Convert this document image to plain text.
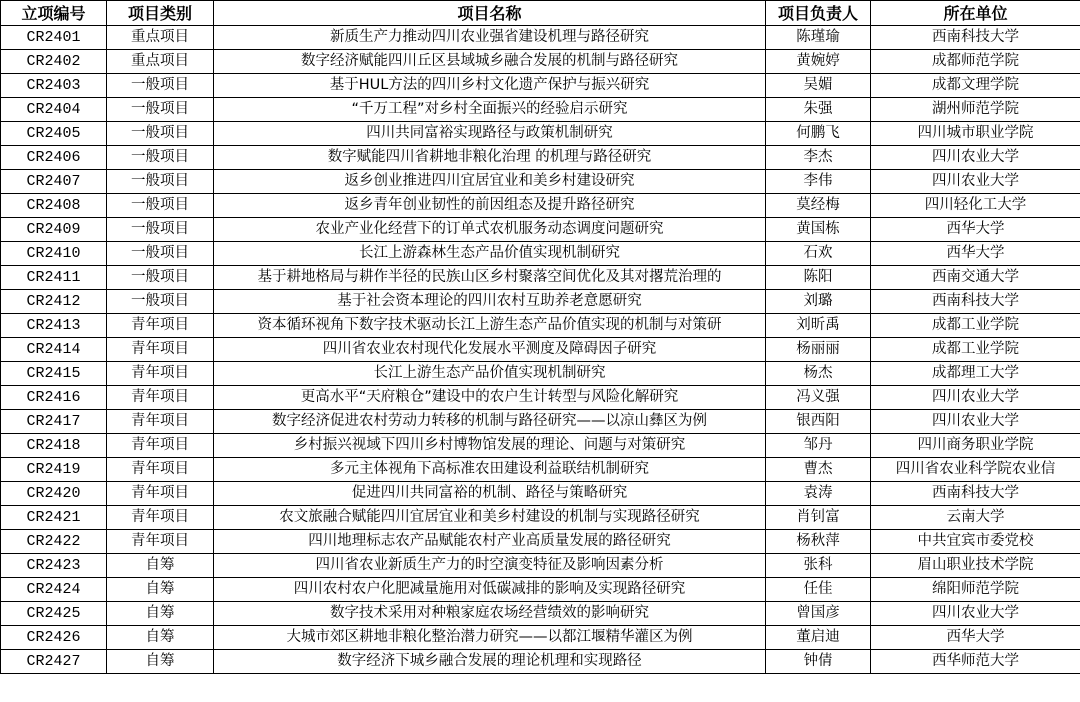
立项编号	项目类别	项目名称	项目负责人	所在单位
CR2401	重点项目	新质生产力推动四川农业强省建设机理与路径研究	陈瑾瑜	西南科技大学
CR2402	重点项目	数字经济赋能四川丘区县域城乡融合发展的机制与路径研究	黄婉婷	成都师范学院
CR2403	一般项目	基于HUL方法的四川乡村文化遗产保护与振兴研究	吴媚	成都文理学院
CR2404	一般项目	“千万工程”对乡村全面振兴的经验启示研究	朱强	湖州师范学院
CR2405	一般项目	四川共同富裕实现路径与政策机制研究	何鹏飞	四川城市职业学院
CR2406	一般项目	数字赋能四川省耕地非粮化治理 的机理与路径研究	李杰	四川农业大学
CR2407	一般项目	返乡创业推进四川宜居宜业和美乡村建设研究	李伟	四川农业大学
CR2408	一般项目	返乡青年创业韧性的前因组态及提升路径研究	莫经梅	四川轻化工大学
CR2409	一般项目	农业产业化经营下的订单式农机服务动态调度问题研究	黄国栋	西华大学
CR2410	一般项目	长江上游森林生态产品价值实现机制研究	石欢	西华大学
CR2411	一般项目	基于耕地格局与耕作半径的民族山区乡村聚落空间优化及其对撂荒治理的	陈阳	西南交通大学
CR2412	一般项目	基于社会资本理论的四川农村互助养老意愿研究	刘璐	西南科技大学
CR2413	青年项目	资本循环视角下数字技术驱动长江上游生态产品价值实现的机制与对策研	刘昕禹	成都工业学院
CR2414	青年项目	四川省农业农村现代化发展水平测度及障碍因子研究	杨丽丽	成都工业学院
CR2415	青年项目	长江上游生态产品价值实现机制研究	杨杰	成都理工大学
CR2416	青年项目	更高水平“天府粮仓”建设中的农户生计转型与风险化解研究	冯义强	四川农业大学
CR2417	青年项目	数字经济促进农村劳动力转移的机制与路径研究——以凉山彝区为例	银西阳	四川农业大学
CR2418	青年项目	乡村振兴视域下四川乡村博物馆发展的理论、问题与对策研究	邹丹	四川商务职业学院
CR2419	青年项目	多元主体视角下高标准农田建设利益联结机制研究	曹杰	四川省农业科学院农业信
CR2420	青年项目	促进四川共同富裕的机制、路径与策略研究	袁涛	西南科技大学
CR2421	青年项目	农文旅融合赋能四川宜居宜业和美乡村建设的机制与实现路径研究	肖钊富	云南大学
CR2422	青年项目	四川地理标志农产品赋能农村产业高质量发展的路径研究	杨秋萍	中共宜宾市委党校
CR2423	自筹	四川省农业新质生产力的时空演变特征及影响因素分析	张科	眉山职业技术学院
CR2424	自筹	四川农村农户化肥减量施用对低碳减排的影响及实现路径研究	任佳	绵阳师范学院
CR2425	自筹	数字技术采用对种粮家庭农场经营绩效的影响研究	曾国彦	四川农业大学
CR2426	自筹	大城市郊区耕地非粮化整治潜力研究——以都江堰精华灌区为例	董启迪	西华大学
CR2427	自筹	数字经济下城乡融合发展的理论机理和实现路径	钟倩	西华师范大学
